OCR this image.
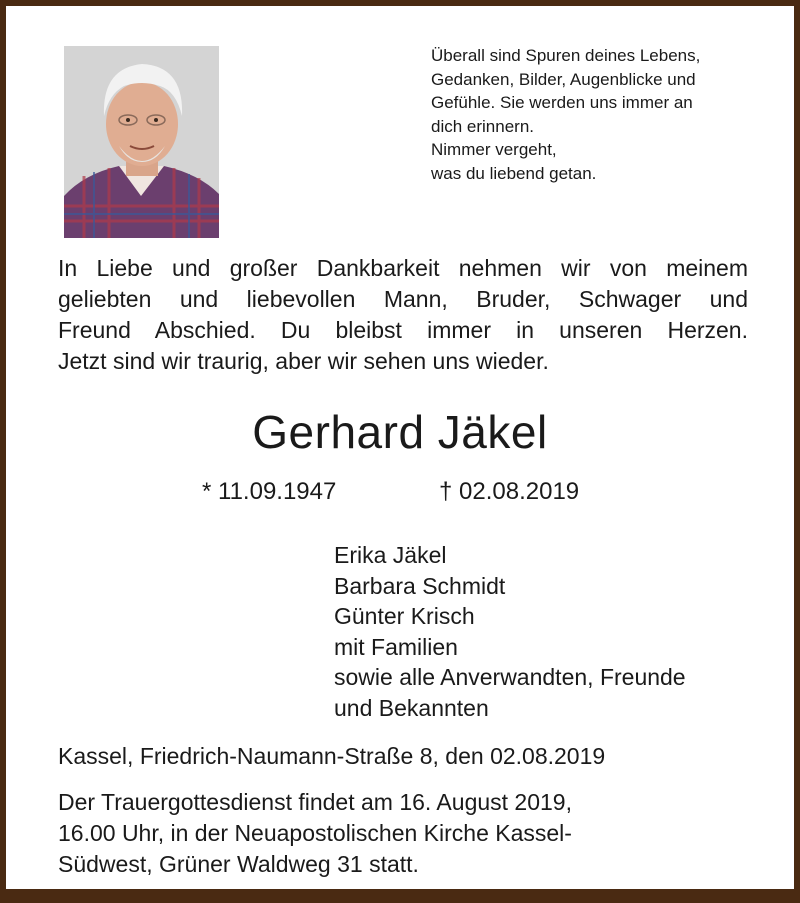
Überall sind Spuren deines Lebens,
Gedanken, Bilder, Augenblicke und
Gefühle. Sie werden uns immer an
dich erinnern.
Nimmer vergeht,
was du liebend getan.
In Liebe und großer Dankbarkeit nehmen wir von meinem
geliebten und liebevollen Mann, Bruder, Schwager und
Freund Abschied. Du bleibst immer in unseren Herzen.
Jetzt sind wir traurig, aber wir sehen uns wieder.
Gerhard Jäkel
* 11.09.1947	† 02.08.2019
Erika Jäkel
Barbara Schmidt
Günter Krisch
mit Familien
sowie alle Anverwandten, Freunde
und Bekannten
Kassel, Friedrich-Naumann-Straße 8, den 02.08.2019
Der Trauergottesdienst findet am 16. August 2019,
16.00 Uhr, in der Neuapostolischen Kirche Kassel-
Südwest, Grüner Waldweg 31 statt.
